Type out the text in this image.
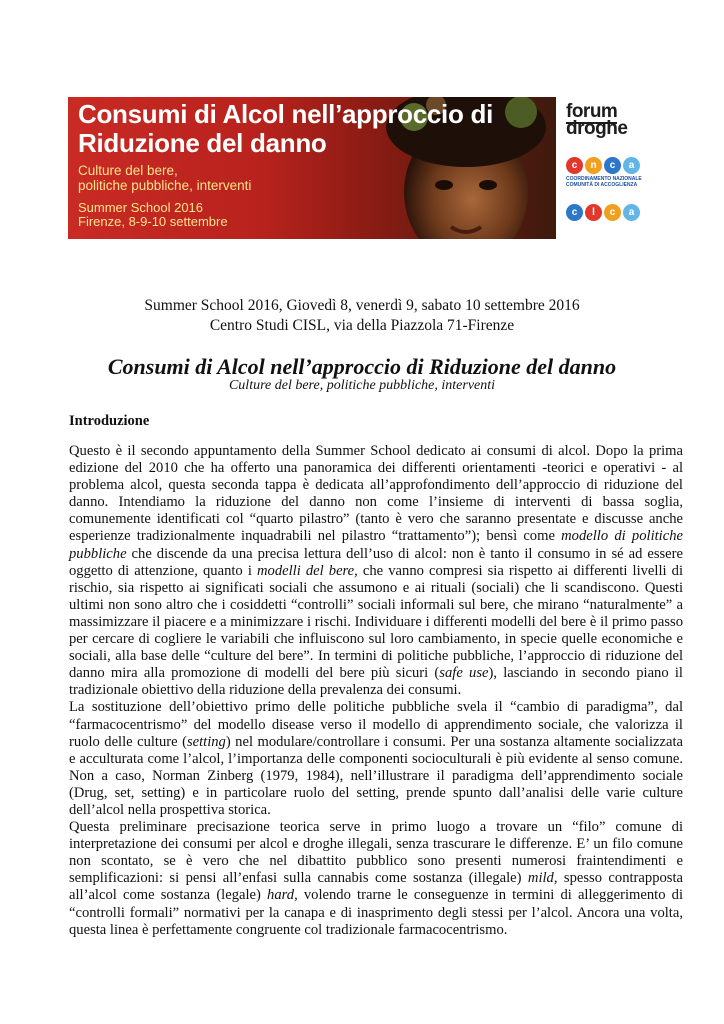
Consumi di Alcol nell’approccio di
Riduzione del danno
Culture del bere,
politiche pubbliche, interventi
Summer School 2016
Firenze, 8-9-10 settembre
forum
droghe
c	n	c	a
COORDINAMENTO NAZIONALE
COMUNITÀ DI ACCOGLIENZA
c	l	c	a
Summer School 2016, Giovedì 8, venerdì 9, sabato 10 settembre 2016
Centro Studi CISL, via della Piazzola 71-Firenze
Consumi di Alcol nell’approccio di Riduzione del danno
Culture del bere, politiche pubbliche, interventi
Introduzione

Questo è il secondo appuntamento della Summer School dedicato ai consumi di alcol. Dopo la prima edizione del 2010 che ha offerto una panoramica dei differenti orientamenti -teorici e operativi - al problema alcol, questa seconda tappa è dedicata all’approfondimento dell’approccio di riduzione del danno. Intendiamo la riduzione del danno non come l’insieme di interventi di bassa soglia, comunemente identificati col “quarto pilastro” (tanto è vero che saranno presentate e discusse anche esperienze tradizionalmente inquadrabili nel pilastro “trattamento”); bensì come modello di politiche pubbliche che discende da una precisa lettura dell’uso di alcol: non è tanto il consumo in sé ad essere oggetto di attenzione, quanto i modelli del bere, che vanno compresi sia rispetto ai differenti livelli di rischio, sia rispetto ai significati sociali che assumono e ai rituali (sociali) che li scandiscono. Questi ultimi non sono altro che i cosiddetti “controlli” sociali informali sul bere, che mirano “naturalmente” a massimizzare il piacere e a minimizzare i rischi. Individuare i differenti modelli del bere è il primo passo per cercare di cogliere le variabili che influiscono sul loro cambiamento, in specie quelle economiche e sociali, alla base delle “culture del bere”. In termini di politiche pubbliche, l’approccio di riduzione del danno mira alla promozione di modelli del bere più sicuri (safe use), lasciando in secondo piano il tradizionale obiettivo della riduzione della prevalenza dei consumi.

La sostituzione dell’obiettivo primo delle politiche pubbliche svela il “cambio di paradigma”, dal “farmacocentrismo” del modello disease verso il modello di apprendimento sociale, che valorizza il ruolo delle culture (setting) nel modulare/controllare i consumi. Per una sostanza altamente socializzata e acculturata come l’alcol, l’importanza delle componenti socioculturali è più evidente al senso comune. Non a caso, Norman Zinberg (1979, 1984), nell’illustrare il paradigma dell’apprendimento sociale (Drug, set, setting) e in particolare ruolo del setting, prende spunto dall’analisi delle varie culture dell’alcol nella prospettiva storica.

Questa preliminare precisazione teorica serve in primo luogo a trovare un “filo” comune di interpretazione dei consumi per alcol e droghe illegali, senza trascurare le differenze. E’ un filo comune non scontato, se è vero che nel dibattito pubblico sono presenti numerosi fraintendimenti e semplificazioni: si pensi all’enfasi sulla cannabis come sostanza (illegale) mild, spesso contrapposta all’alcol come sostanza (legale) hard, volendo trarne le conseguenze in termini di alleggerimento di “controlli formali” normativi per la canapa e di inasprimento degli stessi per l’alcol. Ancora una volta, questa linea è perfettamente congruente col tradizionale farmacocentrismo.
